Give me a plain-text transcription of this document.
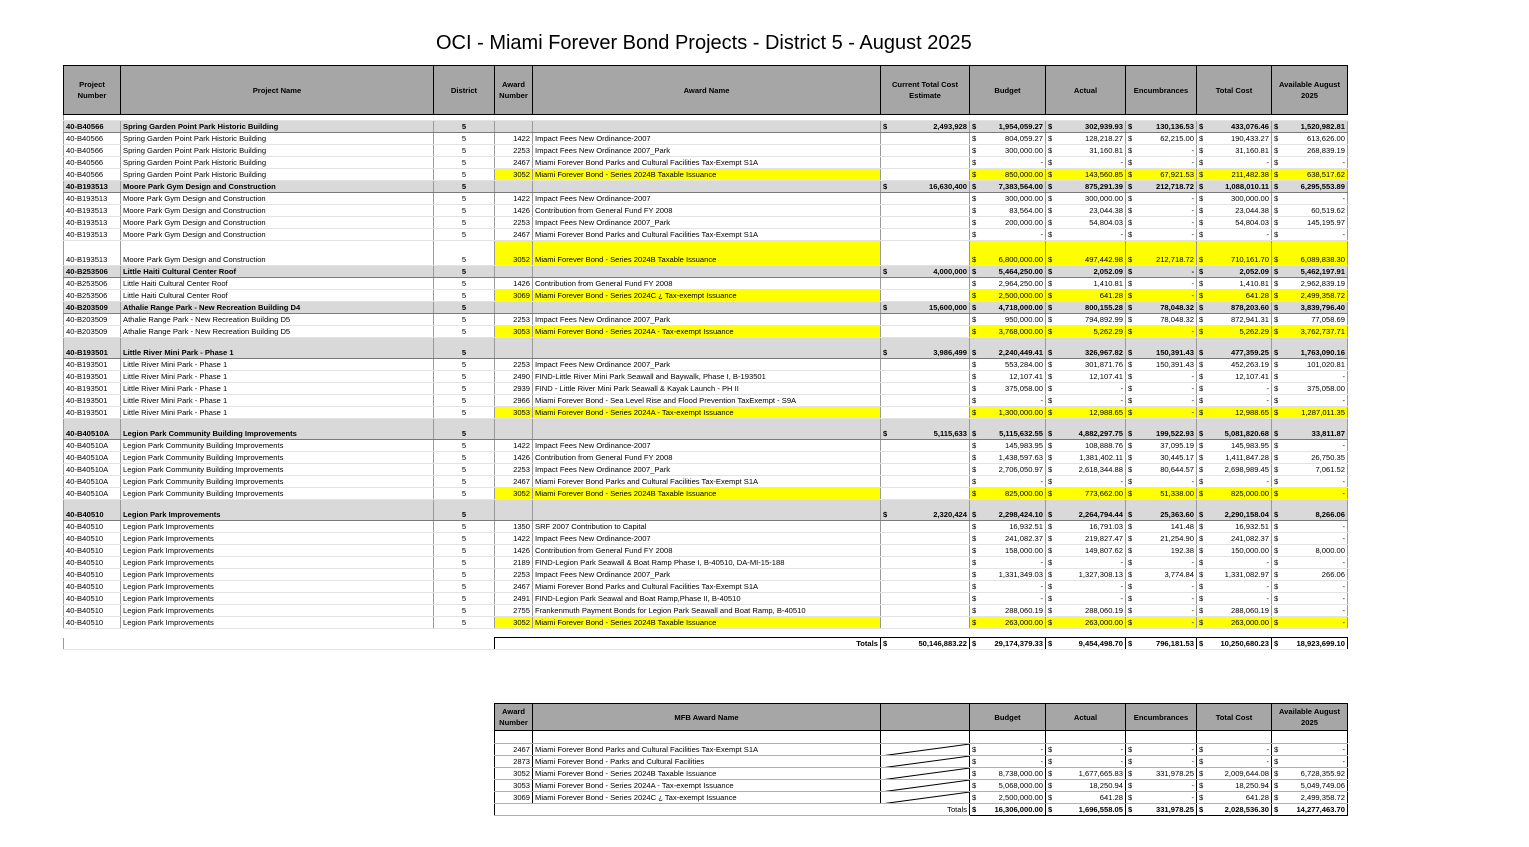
OCI - Miami Forever Bond Projects - District 5 - August 2025
Project Number	Project Name	District	Award Number	Award Name	Current Total Cost Estimate	Budget	Actual	Encumbrances	Total Cost	Available August 2025

40-B40566	Spring Garden Point Park Historic Building	5			$ 2,493,928	$ 1,954,059.27	$ 302,939.93	$ 130,136.53	$ 433,076.46	$ 1,520,982.81

40-B40566	Spring Garden Point Park Historic Building	5	1422	Impact Fees New Ordinance-2007		$ 804,059.27	$ 128,218.27	$ 62,215.00	$ 190,433.27	$ 613,626.00

40-B40566	Spring Garden Point Park Historic Building	5	2253	Impact Fees New Ordinance 2007_Park		$ 300,000.00	$ 31,160.81	$ -	$ 31,160.81	$ 268,839.19

40-B40566	Spring Garden Point Park Historic Building	5	2467	Miami Forever Bond Parks and Cultural Facilities Tax-Exempt S1A		$ -	$ -	$ -	$ -	$ -

40-B40566	Spring Garden Point Park Historic Building	5	3052	Miami Forever Bond - Series 2024B Taxable Issuance		$ 850,000.00	$ 143,560.85	$ 67,921.53	$ 211,482.38	$ 638,517.62

40-B193513	Moore Park Gym Design and Construction	5			$ 16,630,400	$ 7,383,564.00	$ 875,291.39	$ 212,718.72	$ 1,088,010.11	$ 6,295,553.89

40-B193513	Moore Park Gym Design and Construction	5	1422	Impact Fees New Ordinance-2007		$ 300,000.00	$ 300,000.00	$ -	$ 300,000.00	$ -

40-B193513	Moore Park Gym Design and Construction	5	1426	Contribution from General Fund FY 2008		$ 83,564.00	$ 23,044.38	$ -	$ 23,044.38	$ 60,519.62

40-B193513	Moore Park Gym Design and Construction	5	2253	Impact Fees New Ordinance 2007_Park		$ 200,000.00	$ 54,804.03	$ -	$ 54,804.03	$ 145,195.97

40-B193513	Moore Park Gym Design and Construction	5	2467	Miami Forever Bond Parks and Cultural Facilities Tax-Exempt S1A		$ -	$ -	$ -	$ -	$ -

40-B193513	Moore Park Gym Design and Construction	5	3052	Miami Forever Bond - Series 2024B Taxable Issuance		$ 6,800,000.00	$ 497,442.98	$ 212,718.72	$ 710,161.70	$ 6,089,838.30

40-B253506	Little Haiti Cultural Center Roof	5			$ 4,000,000	$ 5,464,250.00	$ 2,052.09	$ -	$ 2,052.09	$ 5,462,197.91

40-B253506	Little Haiti Cultural Center Roof	5	1426	Contribution from General Fund FY 2008		$ 2,964,250.00	$ 1,410.81	$ -	$ 1,410.81	$ 2,962,839.19

40-B253506	Little Haiti Cultural Center Roof	5	3069	Miami Forever Bond - Series 2024C ¿ Tax-exempt Issuance		$ 2,500,000.00	$ 641.28	$ -	$ 641.28	$ 2,499,358.72

40-B203509	Athalie Range Park - New Recreation Building D4	5			$ 15,600,000	$ 4,718,000.00	$ 800,155.28	$ 78,048.32	$ 878,203.60	$ 3,839,796.40

40-B203509	Athalie Range Park - New Recreation Building D5	5	2253	Impact Fees New Ordinance 2007_Park		$ 950,000.00	$ 794,892.99	$ 78,048.32	$ 872,941.31	$ 77,058.69

40-B203509	Athalie Range Park - New Recreation Building D5	5	3053	Miami Forever Bond - Series 2024A - Tax-exempt Issuance		$ 3,768,000.00	$ 5,262.29	$ -	$ 5,262.29	$ 3,762,737.71

40-B193501	Little River Mini Park - Phase 1	5			$ 3,986,499	$ 2,240,449.41	$ 326,967.82	$ 150,391.43	$ 477,359.25	$ 1,763,090.16

40-B193501	Little River Mini Park - Phase 1	5	2253	Impact Fees New Ordinance 2007_Park		$ 553,284.00	$ 301,871.76	$ 150,391.43	$ 452,263.19	$ 101,020.81

40-B193501	Little River Mini Park - Phase 1	5	2490	FIND-Little River Mini Park Seawall and Baywalk, Phase I, B-193501		$ 12,107.41	$ 12,107.41	$ -	$ 12,107.41	$ -

40-B193501	Little River Mini Park - Phase 1	5	2939	FIND - Little River Mini Park Seawall & Kayak Launch - PH II		$ 375,058.00	$ -	$ -	$ -	$ 375,058.00

40-B193501	Little River Mini Park - Phase 1	5	2966	Miami Forever Bond - Sea Level Rise and Flood Prevention TaxExempt - S9A		$ -	$ -	$ -	$ -	$ -

40-B193501	Little River Mini Park - Phase 1	5	3053	Miami Forever Bond - Series 2024A - Tax-exempt Issuance		$ 1,300,000.00	$ 12,988.65	$ -	$ 12,988.65	$ 1,287,011.35

40-B40510A	Legion Park Community Building Improvements	5			$ 5,115,633	$ 5,115,632.55	$ 4,882,297.75	$ 199,522.93	$ 5,081,820.68	$ 33,811.87

40-B40510A	Legion Park Community Building Improvements	5	1422	Impact Fees New Ordinance-2007		$ 145,983.95	$ 108,888.76	$ 37,095.19	$ 145,983.95	$ -

40-B40510A	Legion Park Community Building Improvements	5	1426	Contribution from General Fund FY 2008		$ 1,438,597.63	$ 1,381,402.11	$ 30,445.17	$ 1,411,847.28	$ 26,750.35

40-B40510A	Legion Park Community Building Improvements	5	2253	Impact Fees New Ordinance 2007_Park		$ 2,706,050.97	$ 2,618,344.88	$ 80,644.57	$ 2,698,989.45	$ 7,061.52

40-B40510A	Legion Park Community Building Improvements	5	2467	Miami Forever Bond Parks and Cultural Facilities Tax-Exempt S1A		$ -	$ -	$ -	$ -	$ -

40-B40510A	Legion Park Community Building Improvements	5	3052	Miami Forever Bond - Series 2024B Taxable Issuance		$ 825,000.00	$ 773,662.00	$ 51,338.00	$ 825,000.00	$ -

40-B40510	Legion Park Improvements	5			$ 2,320,424	$ 2,298,424.10	$ 2,264,794.44	$ 25,363.60	$ 2,290,158.04	$ 8,266.06

40-B40510	Legion Park Improvements	5	1350	SRF 2007 Contribution to Capital		$ 16,932.51	$ 16,791.03	$ 141.48	$ 16,932.51	$ -

40-B40510	Legion Park Improvements	5	1422	Impact Fees New Ordinance-2007		$ 241,082.37	$ 219,827.47	$ 21,254.90	$ 241,082.37	$ -

40-B40510	Legion Park Improvements	5	1426	Contribution from General Fund FY 2008		$ 158,000.00	$ 149,807.62	$ 192.38	$ 150,000.00	$ 8,000.00

40-B40510	Legion Park Improvements	5	2189	FIND-Legion Park Seawall & Boat Ramp Phase I, B-40510, DA-MI-15-188		$ -	$ -	$ -	$ -	$ -

40-B40510	Legion Park Improvements	5	2253	Impact Fees New Ordinance 2007_Park		$ 1,331,349.03	$ 1,327,308.13	$ 3,774.84	$ 1,331,082.97	$ 266.06

40-B40510	Legion Park Improvements	5	2467	Miami Forever Bond Parks and Cultural Facilities Tax-Exempt S1A		$ -	$ -	$ -	$ -	$ -

40-B40510	Legion Park Improvements	5	2491	FIND-Legion Park Seawal and Boat Ramp,Phase II, B-40510		$ -	$ -	$ -	$ -	$ -

40-B40510	Legion Park Improvements	5	2755	Frankenmuth Payment Bonds for Legion Park Seawall and Boat Ramp, B-40510		$ 288,060.19	$ 288,060.19	$ -	$ 288,060.19	$ -

40-B40510	Legion Park Improvements	5	3052	Miami Forever Bond - Series 2024B Taxable Issuance		$ 263,000.00	$ 263,000.00	$ -	$ 263,000.00	$ -

			Totals		$ 50,146,883.22	$ 29,174,379.33	$ 9,454,498.70	$ 796,181.53	$ 10,250,680.23	$ 18,923,699.10
Award Number	MFB Award Name		Budget	Actual	Encumbrances	Total Cost	Available August 2025

2467	Miami Forever Bond Parks and Cultural Facilities Tax-Exempt S1A		$ -	$ -	$ -	$ -	$ -

2873	Miami Forever Bond - Parks and Cultural Facilities		$ -	$ -	$ -	$ -	$ -

3052	Miami Forever Bond - Series 2024B Taxable Issuance		$ 8,738,000.00	$ 1,677,665.83	$ 331,978.25	$ 2,009,644.08	$ 6,728,355.92

3053	Miami Forever Bond - Series 2024A - Tax-exempt Issuance		$ 5,068,000.00	$ 18,250.94	$ -	$ 18,250.94	$ 5,049,749.06

3069	Miami Forever Bond - Series 2024C ¿ Tax-exempt Issuance		$ 2,500,000.00	$ 641.28	$ -	$ 641.28	$ 2,499,358.72

Totals			$ 16,306,000.00	$ 1,696,558.05	$ 331,978.25	$ 2,028,536.30	$ 14,277,463.70
